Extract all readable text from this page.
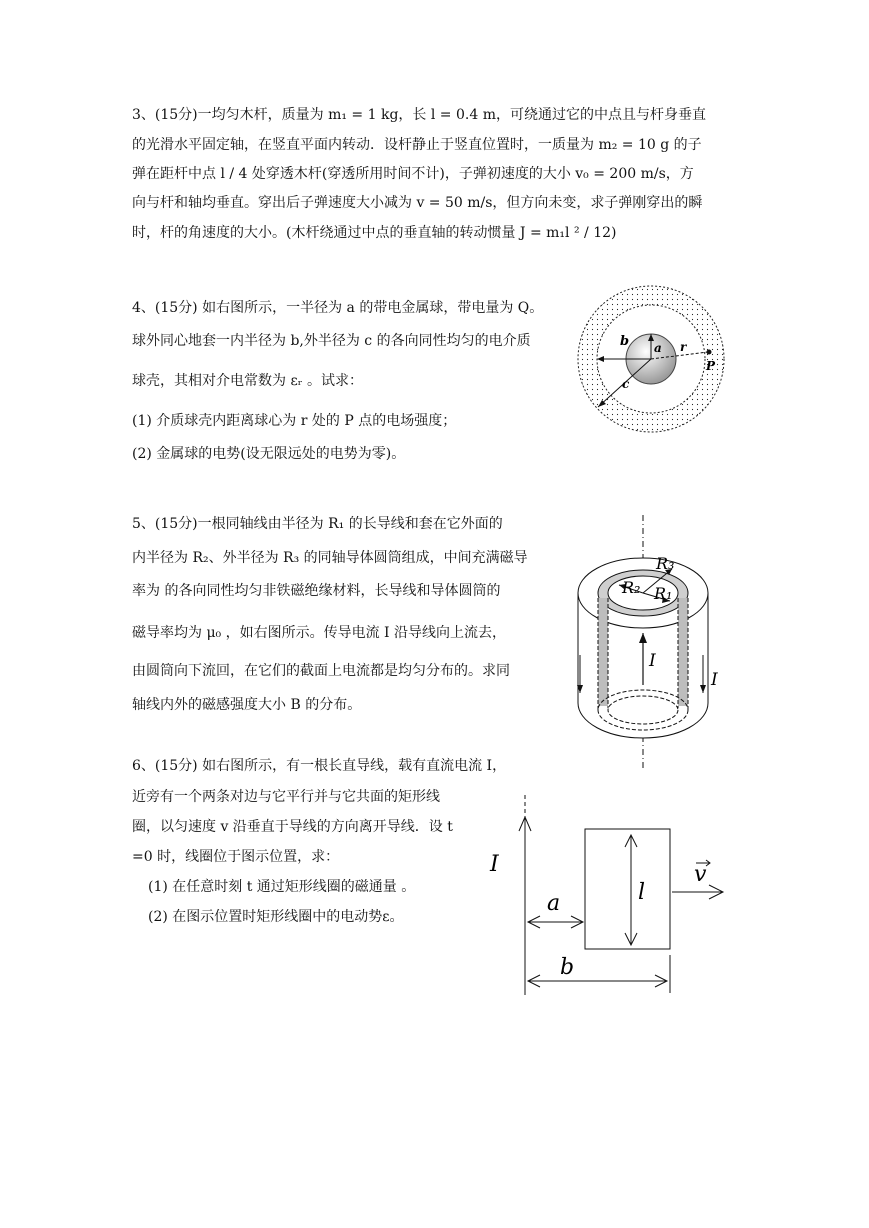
3、(15分)一均匀木杆，质量为 m₁ = 1 kg，长 l = 0.4 m，可绕通过它的中点且与杆身垂直
的光滑水平固定轴，在竖直平面内转动．设杆静止于竖直位置时，一质量为 m₂ = 10 g 的子
弹在距杆中点 l / 4 处穿透木杆(穿透所用时间不计)，子弹初速度的大小 v₀ = 200 m/s，方
向与杆和轴均垂直。穿出后子弹速度大小减为 v = 50 m/s，但方向未变，求子弹刚穿出的瞬
时，杆的角速度的大小。(木杆绕通过中点的垂直轴的转动惯量 J = m₁l ² / 12)
4、(15分) 如右图所示，一半径为 a 的带电金属球，带电量为 Q。
球外同心地套一内半径为 b,外半径为 c 的各向同性均匀的电介质
球壳，其相对介电常数为 εᵣ 。试求：
(1) 介质球壳内距离球心为 r 处的 P 点的电场强度；
(2) 金属球的电势(设无限远处的电势为零)。
b a r
P
c
5、(15分)一根同轴线由半径为 R₁ 的长导线和套在它外面的
内半径为 R₂、外半径为 R₃ 的同轴导体圆筒组成，中间充满磁导
率为 的各向同性均匀非铁磁绝缘材料，长导线和导体圆筒的
磁导率均为 μ₀ ，如右图所示。传导电流 I 沿导线向上流去，
由圆筒向下流回，在它们的截面上电流都是均匀分布的。求同
轴线内外的磁感强度大小 B 的分布。
R₃
R₂ R₁
I
I
6、(15分) 如右图所示，有一根长直导线，载有直流电流 I，
近旁有一个两条对边与它平行并与它共面的矩形线
圈，以匀速度 v 沿垂直于导线的方向离开导线．设 t
=0 时，线圈位于图示位置，求：
(1) 在任意时刻 t 通过矩形线圈的磁通量 。
(2) 在图示位置时矩形线圈中的电动势ε。
I
a	l
v
b
